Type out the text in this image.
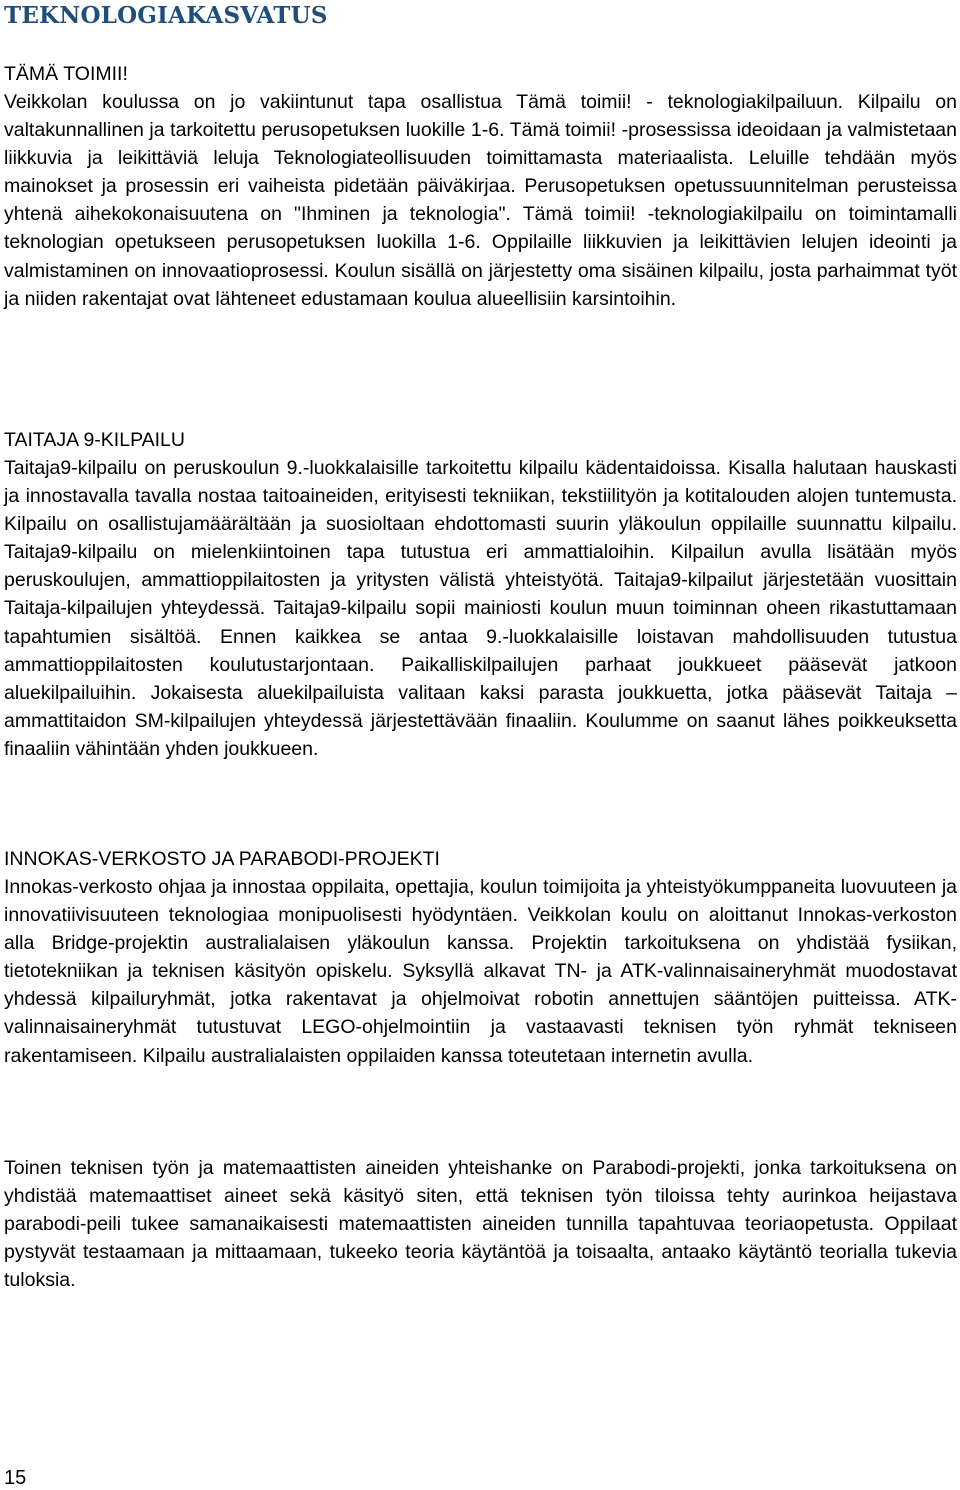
TEKNOLOGIAKASVATUS
TÄMÄ TOIMII!

Veikkolan koulussa on jo vakiintunut tapa osallistua Tämä toimii! - teknologiakilpailuun. Kilpailu on valtakunnallinen ja tarkoitettu perusopetuksen luokille 1-6. Tämä toimii! -prosessissa ideoidaan ja valmistetaan liikkuvia ja leikittäviä leluja Teknologiateollisuuden toimittamasta materiaalista. Leluille tehdään myös mainokset ja prosessin eri vaiheista pidetään päiväkirjaa. Perusopetuksen opetussuunnitelman perusteissa yhtenä aihekokonaisuutena on "Ihminen ja teknologia". Tämä toimii! -teknologiakilpailu on toimintamalli teknologian opetukseen perusopetuksen luokilla 1-6. Oppilaille liikkuvien ja leikittävien lelujen ideointi ja valmistaminen on innovaatioprosessi. Koulun sisällä on järjestetty oma sisäinen kilpailu, josta parhaimmat työt ja niiden rakentajat ovat lähteneet edustamaan koulua alueellisiin karsintoihin.

TAITAJA 9-KILPAILU

Taitaja9-kilpailu on peruskoulun 9.-luokkalaisille tarkoitettu kilpailu kädentaidoissa. Kisalla halutaan hauskasti ja innostavalla tavalla nostaa taitoaineiden, erityisesti tekniikan, tekstiilityön ja kotitalouden alojen tuntemusta. Kilpailu on osallistujamäärältään ja suosioltaan ehdottomasti suurin yläkoulun oppilaille suunnattu kilpailu. Taitaja9-kilpailu on mielenkiintoinen tapa tutustua eri ammattialoihin. Kilpailun avulla lisätään myös peruskoulujen, ammattioppilaitosten ja yritysten välistä yhteistyötä. Taitaja9-kilpailut järjestetään vuosittain Taitaja-kilpailujen yhteydessä. Taitaja9-kilpailu sopii mainiosti koulun muun toiminnan oheen rikastuttamaan tapahtumien sisältöä. Ennen kaikkea se antaa 9.-luokkalaisille loistavan mahdollisuuden tutustua ammattioppilaitosten koulutustarjontaan. Paikalliskilpailujen parhaat joukkueet pääsevät jatkoon aluekilpailuihin. Jokaisesta aluekilpailuista valitaan kaksi parasta joukkuetta, jotka pääsevät Taitaja – ammattitaidon SM-kilpailujen yhteydessä järjestettävään finaaliin. Koulumme on saanut lähes poikkeuksetta finaaliin vähintään yhden joukkueen.

INNOKAS-VERKOSTO JA PARABODI-PROJEKTI

Innokas-verkosto ohjaa ja innostaa oppilaita, opettajia, koulun toimijoita ja yhteistyökumppaneita luovuuteen ja innovatiivisuuteen teknologiaa monipuolisesti hyödyntäen. Veikkolan koulu on aloittanut Innokas-verkoston alla Bridge-projektin australialaisen yläkoulun kanssa. Projektin tarkoituksena on yhdistää fysiikan, tietotekniikan ja teknisen käsityön opiskelu. Syksyllä alkavat TN- ja ATK-valinnaisaineryhmät muodostavat yhdessä kilpailuryhmät, jotka rakentavat ja ohjelmoivat robotin annettujen sääntöjen puitteissa. ATK-valinnaisaineryhmät tutustuvat LEGO-ohjelmointiin ja vastaavasti teknisen työn ryhmät tekniseen rakentamiseen. Kilpailu australialaisten oppilaiden kanssa toteutetaan internetin avulla.

Toinen teknisen työn ja matemaattisten aineiden yhteishanke on Parabodi-projekti, jonka tarkoituksena on yhdistää matemaattiset aineet sekä käsityö siten, että teknisen työn tiloissa tehty aurinkoa heijastava parabodi-peili tukee samanaikaisesti matemaattisten aineiden tunnilla tapahtuvaa teoriaopetusta. Oppilaat pystyvät testaamaan ja mittaamaan, tukeeko teoria käytäntöä ja toisaalta, antaako käytäntö teorialla tukevia tuloksia.

15
